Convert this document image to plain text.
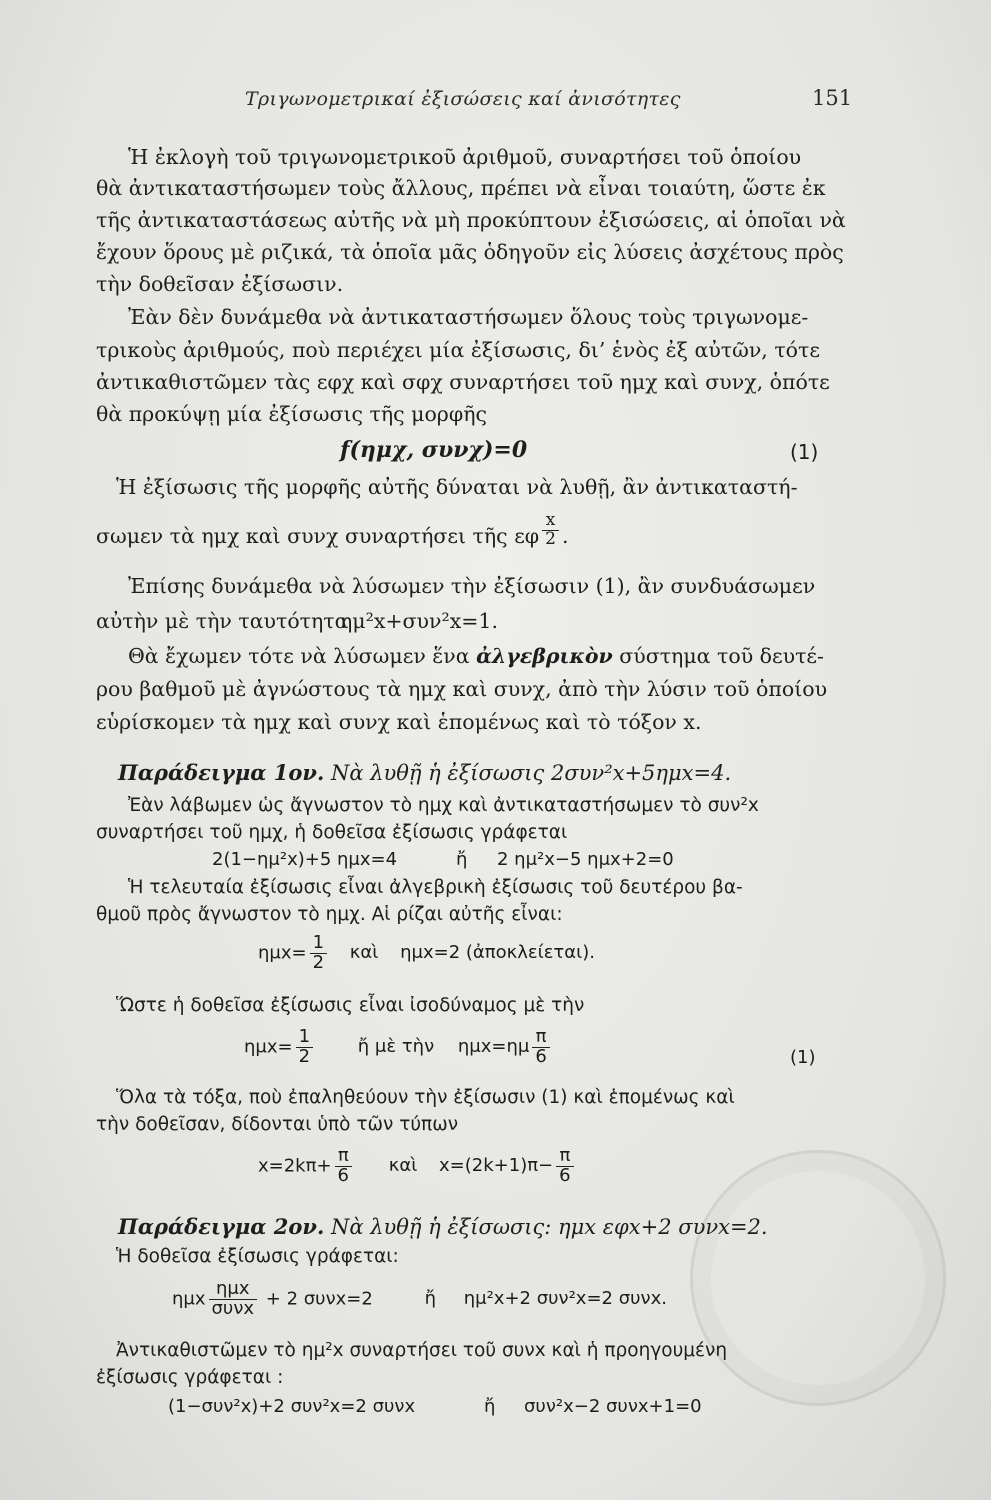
Τριγωνομετρικαί ἐξισώσεις καί ἀνισότητες	151
Ἡ ἐκλογὴ τοῦ τριγωνομετρικοῦ ἀριθμοῦ, συναρτήσει τοῦ ὁποίου
θὰ ἀντικαταστήσωμεν τοὺς ἄλλους, πρέπει νὰ εἶναι τοιαύτη, ὥστε ἐκ
τῆς ἀντικαταστάσεως αὐτῆς νὰ μὴ προκύπτουν ἐξισώσεις, αἱ ὁποῖαι νὰ
ἔχουν ὅρους μὲ ριζικά, τὰ ὁποῖα μᾶς ὁδηγοῦν εἰς λύσεις ἀσχέτους πρὸς
τὴν δοθεῖσαν ἐξίσωσιν.
Ἐὰν δὲν δυνάμεθα νὰ ἀντικαταστήσωμεν ὅλους τοὺς τριγωνομε-
τρικοὺς ἀριθμούς, ποὺ περιέχει μία ἐξίσωσις, δι’ ἑνὸς ἐξ αὐτῶν, τότε
ἀντικαθιστῶμεν τὰς εφχ καὶ σφχ συναρτήσει τοῦ ημχ καὶ συνχ, ὁπότε
θὰ προκύψῃ μία ἐξίσωσις τῆς μορφῆς
f(ημχ, συνχ)=0	(1)
Ἡ ἐξίσωσις τῆς μορφῆς αὐτῆς δύναται νὰ λυθῇ, ἂν ἀντικαταστή-
σωμεν τὰ ημχ καὶ συνχ συναρτήσει τῆς εφ $\frac{x}{2}$ .
Ἐπίσης δυνάμεθα νὰ λύσωμεν τὴν ἐξίσωσιν (1), ἂν συνδυάσωμεν
αὐτὴν μὲ τὴν ταυτότητα
ημ²x+συν²x=1.
Θὰ ἔχωμεν τότε νὰ λύσωμεν ἕνα ἀλγεβρικὸν σύστημα τοῦ δευτέ-
ρου βαθμοῦ μὲ ἀγνώστους τὰ ημχ καὶ συνχ, ἀπὸ τὴν λύσιν τοῦ ὁποίου
εὑρίσκομεν τὰ ημχ καὶ συνχ καὶ ἑπομένως καὶ τὸ τόξον x.
Παράδειγμα 1ον. Νὰ λυθῇ ἡ ἐξίσωσις 2συν²x+5ημx=4.
Ἐὰν λάβωμεν ὡς ἄγνωστον τὸ ημχ καὶ ἀντικαταστήσωμεν τὸ συν²x
συναρτήσει τοῦ ημχ, ἡ δοθεῖσα ἐξίσωσις γράφεται
2(1−ημ²x)+5 ημx=4	ἤ 2 ημ²x−5 ημx+2=0
Ἡ τελευταία ἐξίσωσις εἶναι ἀλγεβρικὴ ἐξίσωσις τοῦ δευτέρου βα-
θμοῦ πρὸς ἄγνωστον τὸ ημχ. Αἱ ρίζαι αὐτῆς εἶναι:
$\eta\mu x= \frac{1}{2}$ καὶ ημx=2 (ἀποκλείεται).
Ὥστε ἡ δοθεῖσα ἐξίσωσις εἶναι ἰσοδύναμος μὲ τὴν
$\eta\mu x= \frac{1}{2}$ ἤ μὲ τὴν $\eta\mu x=\eta\mu \frac{\pi}{6}$	(1)
Ὅλα τὰ τόξα, ποὺ ἐπαληθεύουν τὴν ἐξίσωσιν (1) καὶ ἑπομένως καὶ
τὴν δοθεῖσαν, δίδονται ὑπὸ τῶν τύπων
$x=2k\pi+ \frac{\pi}{6}$ καὶ $x=(2k+1)\pi- \frac{\pi}{6}$
Παράδειγμα 2ον. Νὰ λυθῇ ἡ ἐξίσωσις: ημx εφx+2 συνx=2.
Ἡ δοθεῖσα ἐξίσωσις γράφεται:
ημx $\frac{\text{ημx}}{\text{συνx}} + 2$ συνx=2	ἤ ημ²x+2 συν²x=2 συνx.
Ἀντικαθιστῶμεν τὸ ημ²x συναρτήσει τοῦ συνx καὶ ἡ προηγουμένη
ἐξίσωσις γράφεται :
(1−συν²x)+2 συν²x=2 συνx	ἤ συν²x−2 συνx+1=0
